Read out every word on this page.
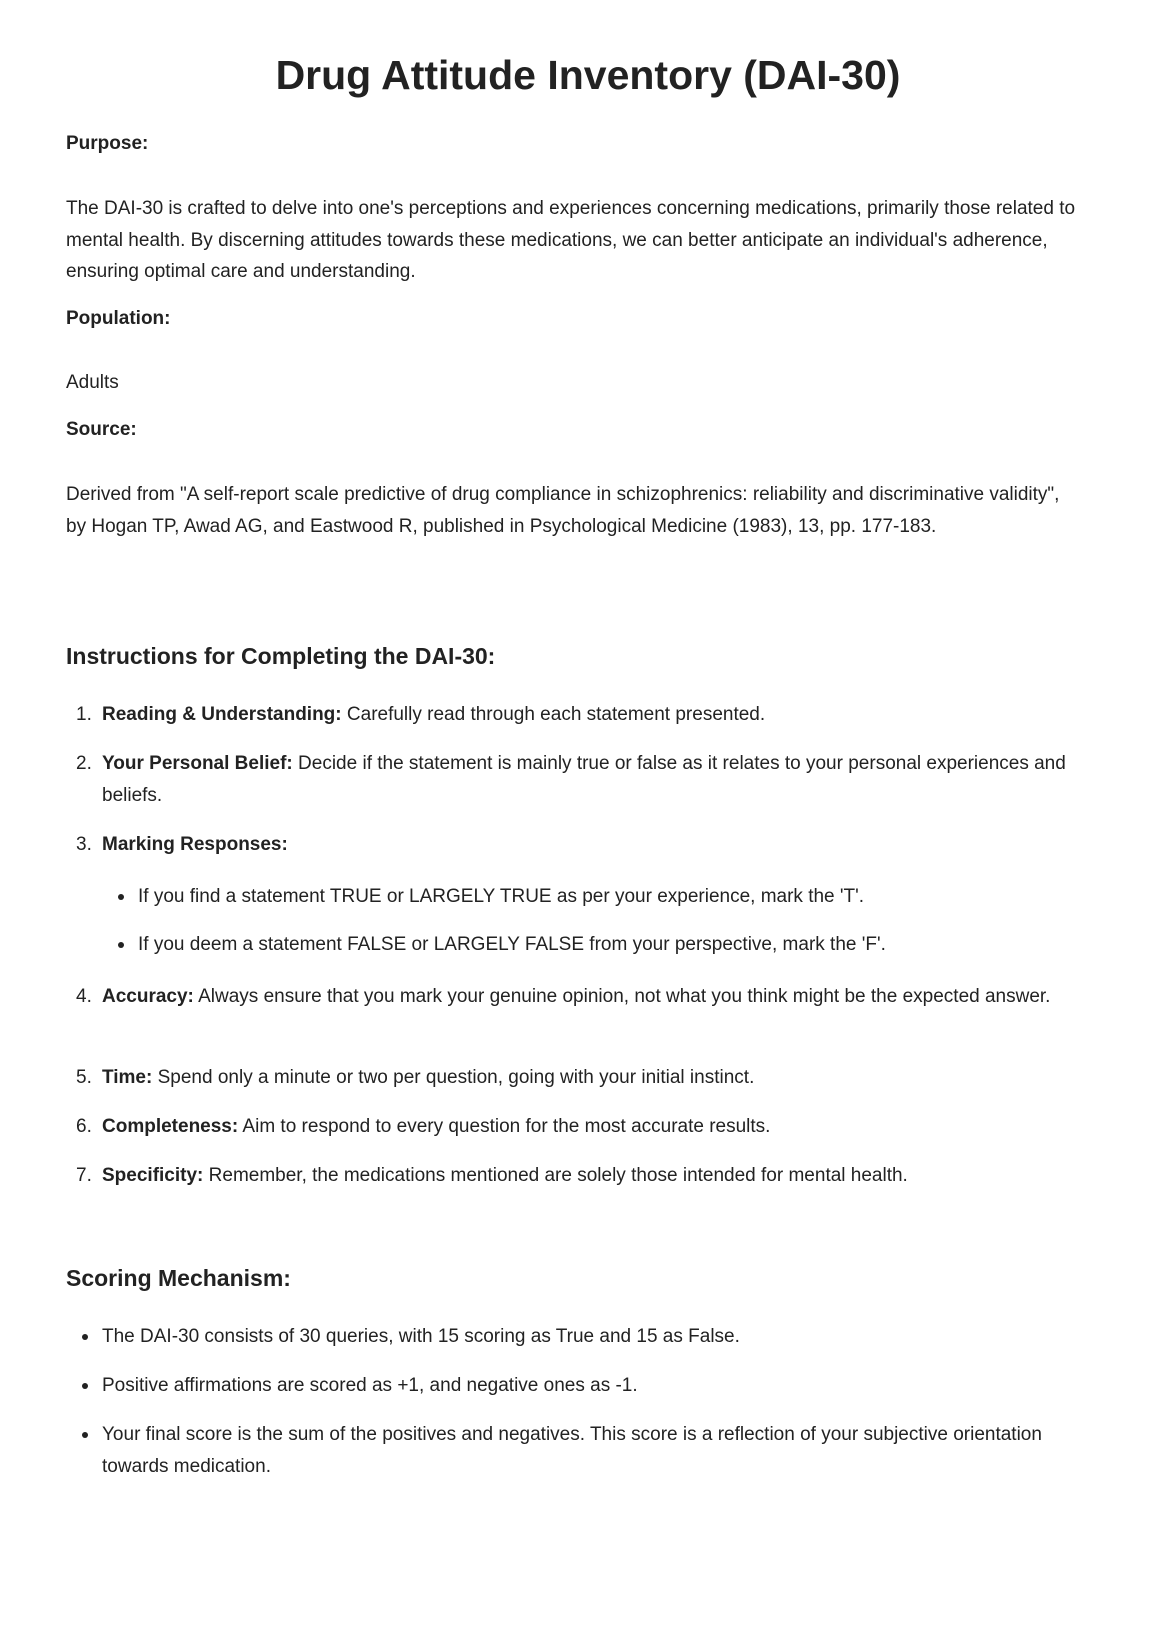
Drug Attitude Inventory (DAI-30)
Purpose:

The DAI-30 is crafted to delve into one's perceptions and experiences concerning medications, primarily those related to mental health. By discerning attitudes towards these medications, we can better anticipate an individual's adherence, ensuring optimal care and understanding.

Population:

Adults

Source:

Derived from "A self-report scale predictive of drug compliance in schizophrenics: reliability and discriminative validity", by Hogan TP, Awad AG, and Eastwood R, published in Psychological Medicine (1983), 13, pp. 177-183.

Instructions for Completing the DAI-30:
1. Reading & Understanding: Carefully read through each statement presented.
2. Your Personal Belief: Decide if the statement is mainly true or false as it relates to your personal experiences and beliefs.
3. Marking Responses:
If you find a statement TRUE or LARGELY TRUE as per your experience, mark the 'T'.
If you deem a statement FALSE or LARGELY FALSE from your perspective, mark the 'F'.
4. Accuracy: Always ensure that you mark your genuine opinion, not what you think might be the expected answer.
5. Time: Spend only a minute or two per question, going with your initial instinct.
6. Completeness: Aim to respond to every question for the most accurate results.
7. Specificity: Remember, the medications mentioned are solely those intended for mental health.
Scoring Mechanism:
The DAI-30 consists of 30 queries, with 15 scoring as True and 15 as False.
Positive affirmations are scored as +1, and negative ones as -1.
Your final score is the sum of the positives and negatives. This score is a reflection of your subjective orientation towards medication.
